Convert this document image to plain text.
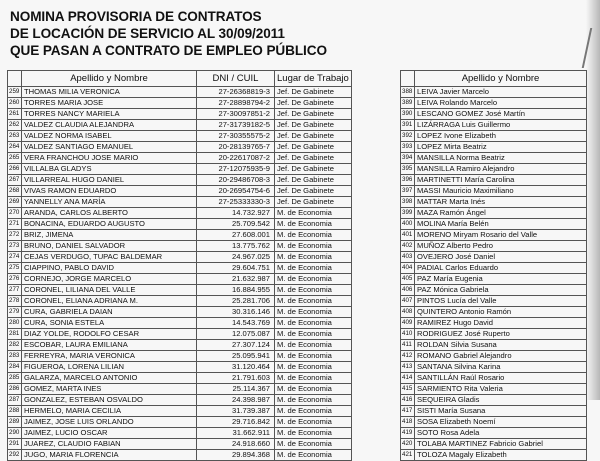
NOMINA PROVISORIA DE CONTRATOS
DE LOCACIÓN DE SERVICIO AL 30/09/2011
QUE PASAN A CONTRATO DE EMPLEO PÚBLICO
	Apellido y Nombre	DNI / CUIL	Lugar de Trabajo
259	THOMAS MILIA VERONICA	27-26368819-3	Jef. De Gabinete
260	TORRES MARIA JOSE	27-28898794-2	Jef. De Gabinete
261	TORRES NANCY MARIELA	27-30097851-2	Jef. De Gabinete
262	VALDEZ CLAUDIA ALEJANDRA	27-31739182-5	Jef. De Gabinete
263	VALDEZ NORMA ISABEL	27-30355575-2	Jef. De Gabinete
264	VALDEZ SANTIAGO EMANUEL	20-28139765-7	Jef. De Gabinete
265	VERA FRANCHOU JOSE MARIO	20-22617087-2	Jef. De Gabinete
266	VILLALBA GLADYS	27-12075935-9	Jef. De Gabinete
267	VILLARREAL HUGO DANIEL	20-29486708-3	Jef. De Gabinete
268	VIVAS RAMON EDUARDO	20-26954754-6	Jef. De Gabinete
269	YANNELLY ANA MARÍA	27-25333330-3	Jef. De Gabinete
270	ARANDA, CARLOS ALBERTO	14.732.927	M. de Economia
271	BONACINA, EDUARDO AUGUSTO	25.709.542	M. de Economia
272	BRIZ, JIMENA	27.608.001	M. de Economia
273	BRUNO, DANIEL SALVADOR	13.775.762	M. de Economia
274	CEJAS VERDUGO, TUPAC BALDEMAR	24.967.025	M. de Economia
275	CIAPPINO, PABLO DAVID	29.604.751	M. de Economia
276	CORNEJO, JORGE MARCELO	21.632.987	M. de Economia
277	CORONEL, LILIANA DEL VALLE	16.884.955	M. de Economia
278	CORONEL, ELIANA ADRIANA M.	25.281.706	M. de Economia
279	CURA, GABRIELA DAIAN	30.316.146	M. de Economia
280	CURA, SONIA ESTELA	14.543.769	M. de Economia
281	DIAZ YOLDE, RODOLFO CESAR	12.075.087	M. de Economia
282	ESCOBAR, LAURA EMILIANA	27.307.124	M. de Economia
283	FERREYRA, MARIA VERONICA	25.095.941	M. de Economia
284	FIGUEROA, LORENA LILIAN	31.120.464	M. de Economia
285	GALARZA, MARCELO ANTONIO	21.791.603	M. de Economia
286	GOMEZ, MARTA INES	25.114.367	M. de Economia
287	GONZALEZ, ESTEBAN OSVALDO	24.398.987	M. de Economia
288	HERMELO, MARIA CECILIA	31.739.387	M. de Economia
289	JAIMEZ, JOSE LUIS ORLANDO	29.716.842	M. de Economia
290	JAIMEZ, LUCIO OSCAR	31.662.911	M. de Economia
291	JUAREZ, CLAUDIO FABIAN	24.918.660	M. de Economia
292	JUGO, MARIA FLORENCIA	29.894.368	M. de Economia
	Apellido y Nombre
388	LEIVA Javier Marcelo
389	LEIVA Rolando Marcelo
390	LESCANO GOMEZ José Martín
391	LIZÁRRAGA Luis Guillermo
392	LOPEZ Ivone Elizabeth
393	LOPEZ Mirta Beatriz
394	MANSILLA Norma Beatriz
395	MANSILLA Ramiro Alejandro
396	MARTINETTI María Carolina
397	MASSI Mauricio Maximiliano
398	MATTAR Marta Inés
399	MAZA Ramón Ángel
400	MOLINA María Belén
401	MORENO Miryam Rosario del Valle
402	MUÑOZ Alberto Pedro
403	OVEJERO José Daniel
404	PADIAL Carlos Eduardo
405	PAZ María Eugenia
406	PAZ Mónica Gabriela
407	PINTOS Lucía del Valle
408	QUINTERO Antonio Ramón
409	RAMIREZ Hugo David
410	RODRIGUEZ José Ruperto
411	ROLDAN Silvia Susana
412	ROMANO Gabriel Alejandro
413	SANTANA Silvina Karina
414	SANTILLÁN Raúl Rosario
415	SARMIENTO Rita Valeria
416	SEQUEIRA Gladis
417	SISTI María Susana
418	SOSA Elizabeth Noemí
419	SOTO Rosa Adela
420	TOLABA MARTINEZ Fabricio Gabriel
421	TOLOZA Magaly Elizabeth
